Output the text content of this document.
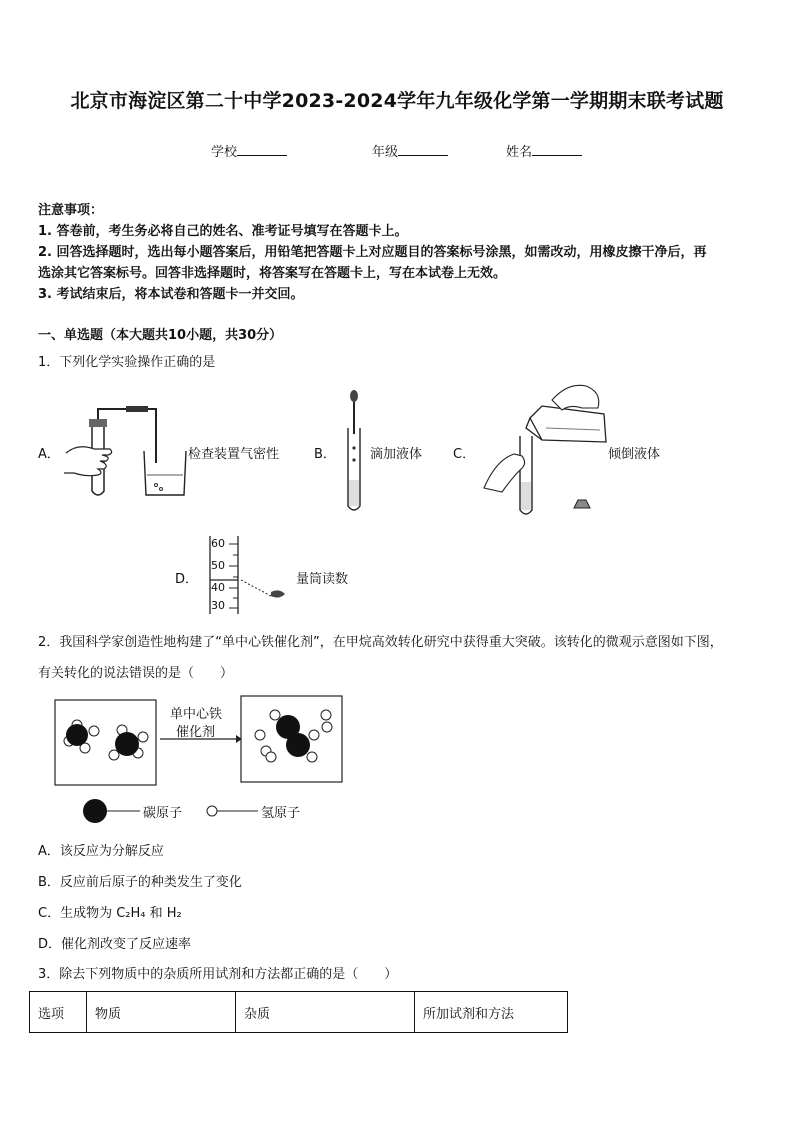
北京市海淀区第二十中学2023-2024学年九年级化学第一学期期末联考试题
学校	年级	姓名
注意事项：
1. 答卷前，考生务必将自己的姓名、准考证号填写在答题卡上。
2. 回答选择题时，选出每小题答案后，用铅笔把答题卡上对应题目的答案标号涂黑，如需改动，用橡皮擦干净后，再
选涂其它答案标号。回答非选择题时，将答案写在答题卡上，写在本试卷上无效。
3. 考试结束后，将本试卷和答题卡一并交回。
一、单选题（本大题共10小题，共30分）
1．下列化学实验操作正确的是
A．	检查装置气密性	B．	滴加液体 C．	倾倒液体
D．
60
50
40
30
量筒读数
2．我国科学家创造性地构建了“单中心铁催化剂”，在甲烷高效转化研究中获得重大突破。该转化的微观示意图如下图，
有关转化的说法错误的是（　　）
单中心铁
催化剂
碳原子	氢原子
A．该反应为分解反应
B．反应前后原子的种类发生了变化
C．生成物为 C₂H₄ 和 H₂
D．催化剂改变了反应速率
3．除去下列物质中的杂质所用试剂和方法都正确的是（　　）
选项	物质	杂质	所加试剂和方法
